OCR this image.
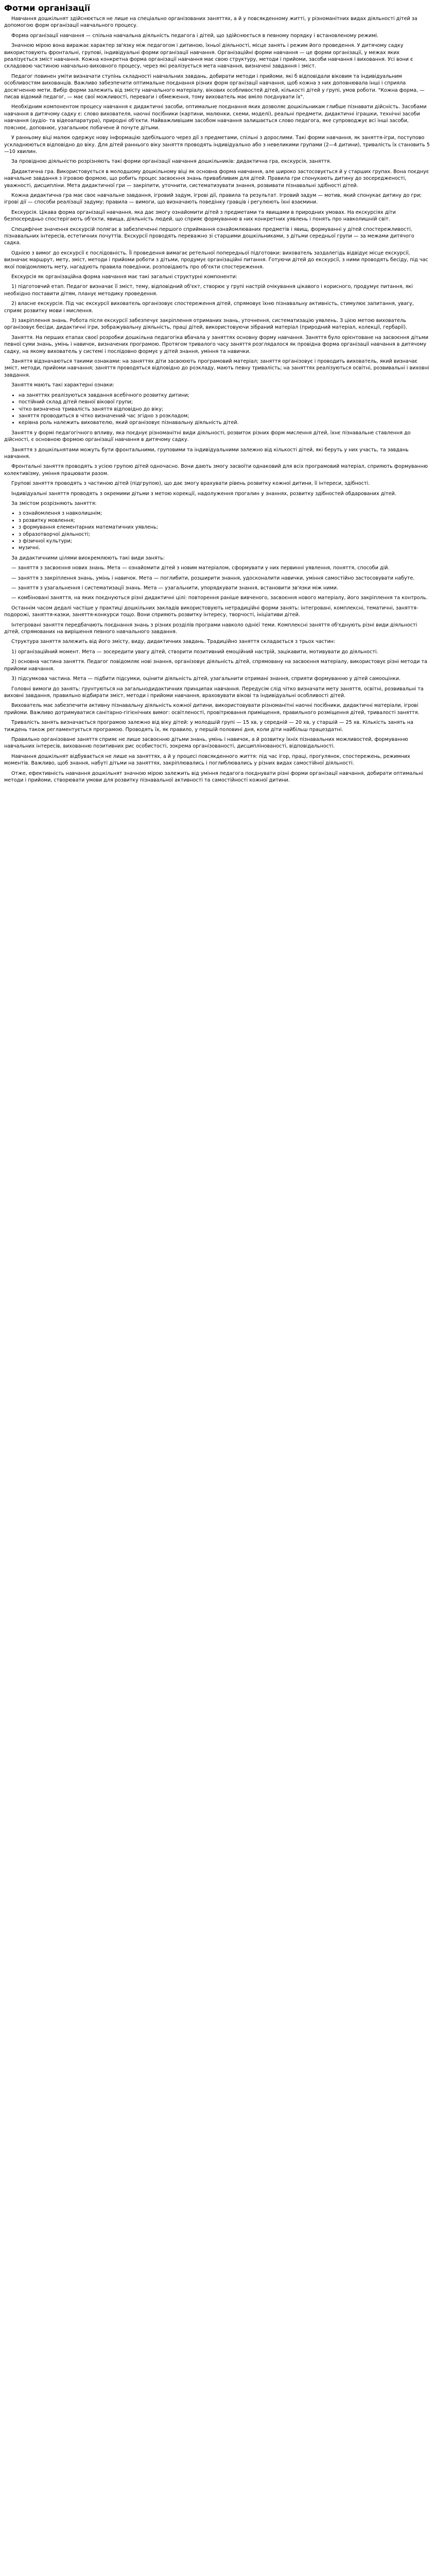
Фотми організації

Навчання дошкільнят здійснюється не лише на спеціально організованих заняттях, а й у повсякденному житті, у різноманітних видах діяльності дітей за допомогою форм організації навчального процесу.

Форма організації навчання — спільна навчальна діяльність педагога і дітей, що здійснюється в певному порядку і встановленому режимі.

Значною мірою вона виражає характер зв'язку між педагогом і дитиною, їхньої діяльності, місце занять і режим його проведення. У дитячому садку використовують фронтальні, групові, індивідуальні форми організації навчання. Організаційні форми навчання — це форми організації, у межах яких реалізується зміст навчання. Кожна конкретна форма організації навчання має свою структуру, методи і прийоми, засоби навчання і виховання. Усі вони є складовою частиною навчально-виховного процесу, через які реалізується мета навчання, визначені завдання і зміст.

Педагог повинен уміти визначати ступінь складності навчальних завдань, добирати методи і прийоми, які б відповідали віковим та індивідуальним особливостям вихованців. Важливо забезпечити оптимальне поєднання різних форм організації навчання, щоб кожна з них доповнювала інші і сприяла досягненню мети. Вибір форми залежить від змісту навчального матеріалу, вікових особливостей дітей, кількості дітей у групі, умов роботи. "Кожна форма, — писав відомий педагог, — має свої можливості, переваги і обмеження, тому вихователь має вміло поєднувати їх".

Необхідним компонентом процесу навчання є дидактичні засоби, оптимальне поєднання яких дозволяє дошкільникам глибше пізнавати дійсність. Засобами навчання в дитячому садку є: слово вихователя, наочні посібники (картини, малюнки, схеми, моделі), реальні предмети, дидактичні іграшки, технічні засоби навчання (аудіо- та відеоапаратура), природні об'єкти. Найважливішим засобом навчання залишається слово педагога, яке супроводжує всі інші засоби, пояснює, доповнює, узагальнює побачене й почуте дітьми.

У ранньому віці малюк одержує нову інформацію здебільшого через дії з предметами, спільні з дорослими. Такі форми навчання, як заняття-ігри, поступово ускладнюються відповідно до віку. Для дітей раннього віку заняття проводять індивідуально або з невеликими групами (2—4 дитини), тривалість їх становить 5—10 хвилин.

За провідною діяльністю розрізняють такі форми організації навчання дошкільників: дидактична гра, екскурсія, заняття.

Дидактична гра. Використовується в молодшому дошкільному віці як основна форма навчання, але широко застосовується й у старших групах. Вона поєднує навчальне завдання з ігровою формою, що робить процес засвоєння знань привабливим для дітей. Правила гри спонукають дитину до зосередженості, уважності, дисципліни. Мета дидактичної гри — закріпити, уточнити, систематизувати знання, розвивати пізнавальні здібності дітей.

Кожна дидактична гра має своє навчальне завдання, ігровий задум, ігрові дії, правила та результат. Ігровий задум — мотив, який спонукає дитину до гри; ігрові дії — способи реалізації задуму; правила — вимоги, що визначають поведінку гравців і регулюють їхні взаємини.

Екскурсія. Цікава форма організації навчання, яка дає змогу ознайомити дітей з предметами та явищами в природних умовах. На екскурсіях діти безпосередньо спостерігають об'єкти, явища, діяльність людей, що сприяє формуванню в них конкретних уявлень і понять про навколишній світ.

Специфічне значення екскурсій полягає в забезпеченні першого сприймання ознайомлюваних предметів і явищ, формуванні у дітей спостережливості, пізнавальних інтересів, естетичних почуттів. Екскурсії проводять переважно зі старшими дошкільниками, з дітьми середньої групи — за межами дитячого садка.

Однією з вимог до екскурсії є послідовність. Її проведення вимагає ретельної попередньої підготовки: вихователь заздалегідь відвідує місце екскурсії, визначає маршрут, мету, зміст, методи і прийоми роботи з дітьми, продумує організаційні питання. Готуючи дітей до екскурсії, з ними проводять бесіду, під час якої повідомляють мету, нагадують правила поведінки, розповідають про об'єкти спостереження.

Екскурсія як організаційна форма навчання має такі загальні структурні компоненти:

1) підготовчий етап. Педагог визначає її зміст, тему, відповідний об'єкт, створює у групі настрій очікування цікавого і корисного, продумує питання, які необхідно поставити дітям, планує методику проведення.

2) власне екскурсія. Під час екскурсії вихователь організовує спостереження дітей, спрямовує їхню пізнавальну активність, стимулює запитання, увагу, сприяє розвитку мови і мислення.

3) закріплення знань. Робота після екскурсії забезпечує закріплення отриманих знань, уточнення, систематизацію уявлень. З цією метою вихователь організовує бесіди, дидактичні ігри, зображувальну діяльність, праці дітей, використовуючи зібраний матеріал (природний матеріал, колекції, гербарії).

Заняття. На перших етапах своєї розробки дошкільна педагогіка вбачала у заняттях основну форму навчання. Заняття було орієнтоване на засвоєння дітьми певної суми знань, умінь і навичок, визначених програмою. Протягом тривалого часу заняття розглядалося як провідна форма організації навчання в дитячому садку, на якому вихователь у системі і послідовно формує у дітей знання, уміння та навички.

Заняття відзначаються такими ознаками: на заняттях діти засвоюють програмовий матеріал; заняття організовує і проводить вихователь, який визначає зміст, методи, прийоми навчання; заняття проводяться відповідно до розкладу, мають певну тривалість; на заняттях реалізуються освітні, розвивальні і виховні завдання.

Заняття мають такі характерні ознаки:

• на заняттях реалізуються завдання всебічного розвитку дитини;
• постійний склад дітей певної вікової групи;
• чітко визначена тривалість заняття відповідно до віку;
• заняття проводиться в чітко визначений час згідно з розкладом;
• керівна роль належить вихователю, який організовує пізнавальну діяльність дітей.

Заняття у формі педагогічного впливу, яка поєднує різноманітні види діяльності, розвиток різних форм мислення дітей, їхнє пізнавальне ставлення до дійсності, є основною формою організації навчання в дитячому садку.

Заняття з дошкільнятами можуть бути фронтальними, груповими та індивідуальними залежно від кількості дітей, які беруть у них участь, та завдань навчання.

Фронтальні заняття проводять з усією групою дітей одночасно. Вони дають змогу засвоїти однаковий для всіх програмовий матеріал, сприяють формуванню колективізму, уміння працювати разом.

Групові заняття проводять з частиною дітей (підгрупою), що дає змогу врахувати рівень розвитку кожної дитини, її інтереси, здібності.

Індивідуальні заняття проводять з окремими дітьми з метою корекції, надолуження прогалин у знаннях, розвитку здібностей обдарованих дітей.

За змістом розрізняють заняття:

• з ознайомлення з навколишнім;
• з розвитку мовлення;
• з формування елементарних математичних уявлень;
• з образотворчої діяльності;
• з фізичної культури;
• музичні.

За дидактичними цілями виокремлюють такі види занять:

— заняття з засвоєння нових знань. Мета — ознайомити дітей з новим матеріалом, сформувати у них первинні уявлення, поняття, способи дій.

— заняття з закріплення знань, умінь і навичок. Мета — поглибити, розширити знання, удосконалити навички, уміння самостійно застосовувати набуте.

— заняття з узагальнення і систематизації знань. Мета — узагальнити, упорядкувати знання, встановити зв'язки між ними.

— комбіновані заняття, на яких поєднуються різні дидактичні цілі: повторення раніше вивченого, засвоєння нового матеріалу, його закріплення та контроль.

Останнім часом дедалі частіше у практиці дошкільних закладів використовують нетрадиційні форми занять: інтегровані, комплексні, тематичні, заняття-подорожі, заняття-казки, заняття-конкурси тощо. Вони сприяють розвитку інтересу, творчості, ініціативи дітей.

Інтегровані заняття передбачають поєднання знань з різних розділів програми навколо однієї теми. Комплексні заняття об'єднують різні види діяльності дітей, спрямованих на вирішення певного навчального завдання.

Структура заняття залежить від його змісту, виду, дидактичних завдань. Традиційно заняття складається з трьох частин:

1) організаційний момент. Мета — зосередити увагу дітей, створити позитивний емоційний настрій, зацікавити, мотивувати до діяльності.

2) основна частина заняття. Педагог повідомляє нові знання, організовує діяльність дітей, спрямовану на засвоєння матеріалу, використовує різні методи та прийоми навчання.

3) підсумкова частина. Мета — підбити підсумки, оцінити діяльність дітей, узагальнити отримані знання, сприяти формуванню у дітей самооцінки.

Головні вимоги до занять: ґрунтуються на загальнодидактичних принципах навчання. Передусім слід чітко визначати мету заняття, освітні, розвивальні та виховні завдання, правильно відбирати зміст, методи і прийоми навчання, враховувати вікові та індивідуальні особливості дітей.

Вихователь має забезпечити активну пізнавальну діяльність кожної дитини, використовувати різноманітні наочні посібники, дидактичні матеріали, ігрові прийоми. Важливо дотримуватися санітарно-гігієнічних вимог: освітленості, провітрювання приміщення, правильного розміщення дітей, тривалості заняття.

Тривалість занять визначається програмою залежно від віку дітей: у молодшій групі — 15 хв, у середній — 20 хв, у старшій — 25 хв. Кількість занять на тиждень також регламентується програмою. Проводять їх, як правило, у першій половині дня, коли діти найбільш працездатні.

Правильно організоване заняття сприяє не лише засвоєнню дітьми знань, умінь і навичок, а й розвитку їхніх пізнавальних можливостей, формуванню навчальних інтересів, вихованню позитивних рис особистості, зокрема організованості, дисциплінованості, відповідальності.

Навчання дошкільнят відбувається не лише на заняттях, а й у процесі повсякденного життя: під час ігор, праці, прогулянок, спостережень, режимних моментів. Важливо, щоб знання, набуті дітьми на заняттях, закріплювались і поглиблювались у різних видах самостійної діяльності.

Отже, ефективність навчання дошкільнят значною мірою залежить від уміння педагога поєднувати різні форми організації навчання, добирати оптимальні методи і прийоми, створювати умови для розвитку пізнавальної активності та самостійності кожної дитини.
